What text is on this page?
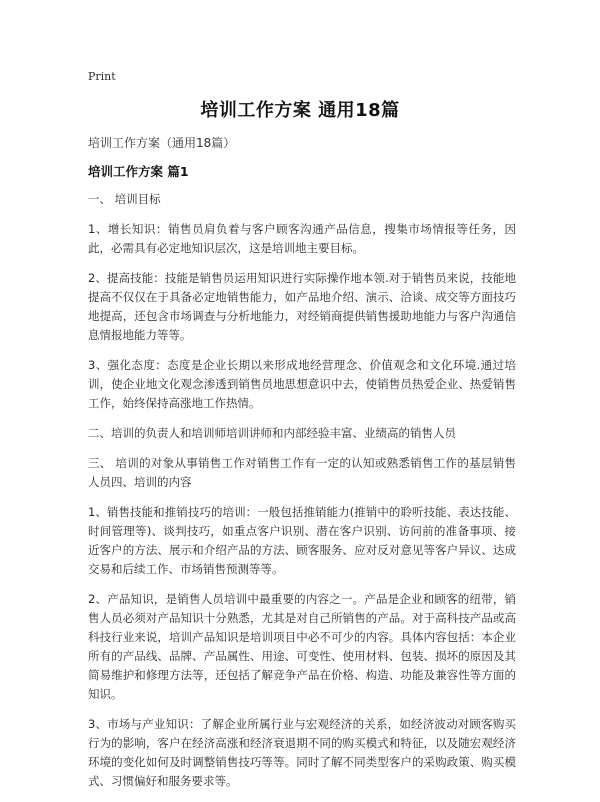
Print
培训工作方案 通用18篇
培训工作方案（通用18篇）
培训工作方案 篇1

一、 培训目标

1、增长知识：销售员肩负着与客户顾客沟通产品信息，搜集市场情报等任务，因此，必需具有必定地知识层次，这是培训地主要目标。

2、提高技能：技能是销售员运用知识进行实际操作地本领.对于销售员来说，技能地提高不仅仅在于具备必定地销售能力，如产品地介绍、演示、洽谈、成交等方面技巧地提高，还包含市场调查与分析地能力，对经销商提供销售援助地能力与客户沟通信息情报地能力等等。

3、强化态度：态度是企业长期以来形成地经营理念、价值观念和文化环境.通过培训，使企业地文化观念渗透到销售员地思想意识中去，使销售员热爱企业、热爱销售工作，始终保持高涨地工作热情。

二、培训的负责人和培训师培训讲师和内部经验丰富、业绩高的销售人员

三、 培训的对象从事销售工作对销售工作有一定的认知或熟悉销售工作的基层销售人员四、培训的内容

1、销售技能和推销技巧的培训：一般包括推销能力(推销中的聆听技能、表达技能、时间管理等)、谈判技巧，如重点客户识别、潜在客户识别、访问前的准备事项、接近客户的方法、展示和介绍产品的方法、顾客服务、应对反对意见等客户异议、达成交易和后续工作、市场销售预测等等。

2、产品知识，是销售人员培训中最重要的内容之一。产品是企业和顾客的纽带，销售人员必须对产品知识十分熟悉，尤其是对自己所销售的产品。对于高科技产品或高科技行业来说，培训产品知识是培训项目中必不可少的内容。具体内容包括：本企业所有的产品线、品牌、产品属性、用途、可变性、使用材料、包装、损坏的原因及其简易维护和修理方法等，还包括了解竞争产品在价格、构造、功能及兼容性等方面的知识。

3、市场与产业知识：了解企业所属行业与宏观经济的关系，如经济波动对顾客购买行为的影响，客户在经济高涨和经济衰退期不同的购买模式和特征，以及随宏观经济环境的变化如何及时调整销售技巧等等。同时了解不同类型客户的采购政策、购买模式、习惯偏好和服务要求等。
